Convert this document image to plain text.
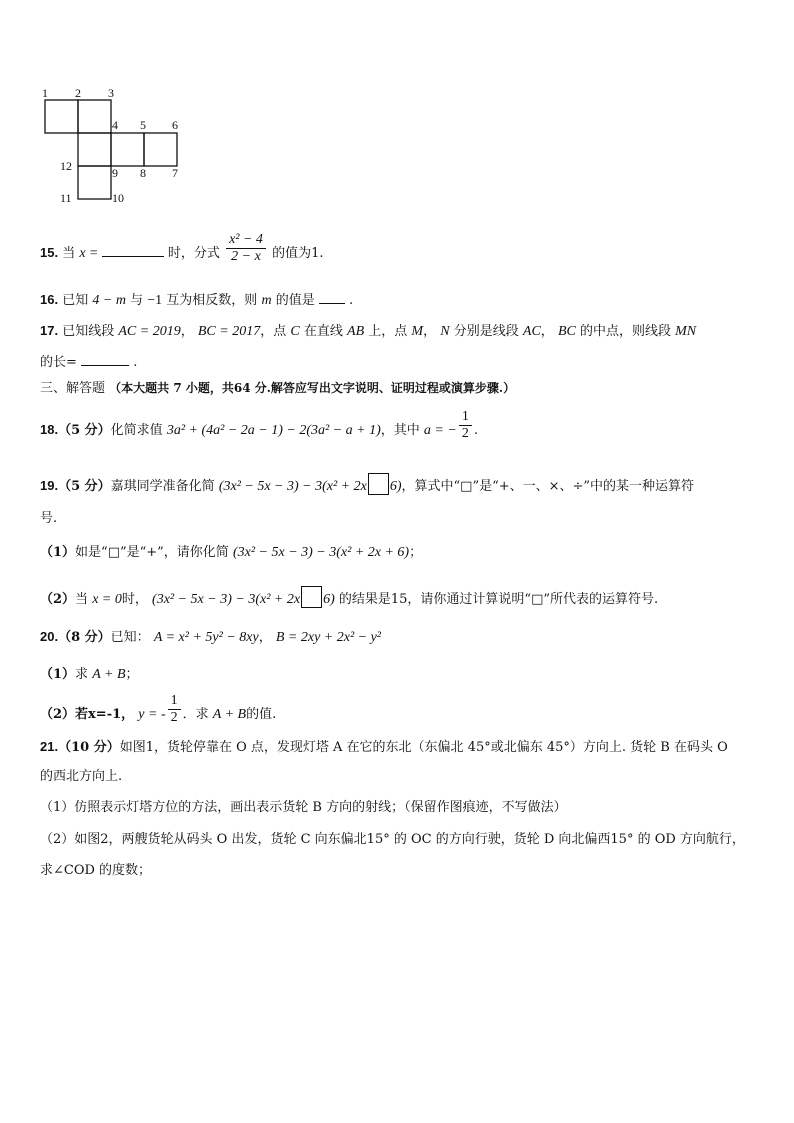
1 2 3
4 5 6
12	9 8 7
11	10
15. 当 x =	时，分式 $\frac{\text{x² − 4}}{2 - x}$ 的值为1.
16. 已知 4 − m 与 −1 互为相反数，则 m 的值是	.
17. 已知线段 AC = 2019， BC = 2017，点 C 在直线 AB 上，点 M， N 分别是线段 AC， BC 的中点，则线段 MN
的长=	.
三、解答题 （本大题共 7 小题，共64 分.解答应写出文字说明、证明过程或演算步骤.）
18.（5 分）化简求值 3a² + (4a² − 2a − 1) − 2(3a² − a + 1)，其中 a = − $\frac{1}{2}$ .
19.（5 分）嘉琪同学准备化简 (3x² − 5x − 3) − 3(x² + 2x 6)，算式中“□”是“+、一、×、÷”中的某一种运算符
号.
（1）如是“□”是“+”，请你化简 (3x² − 5x − 3) − 3(x² + 2x + 6)；
（2）当 x = 0时， (3x² − 5x − 3) − 3(x² + 2x 6) 的结果是15，请你通过计算说明“□”所代表的运算符号.
20.（8 分）已知： A = x² + 5y² − 8xy， B = 2xy + 2x² − y²
（1）求 A + B；
（2）若x=-1， y = - $\frac{1}{2}$ ．求 A + B的值.
21.（10 分）如图1，货轮停靠在 O 点，发现灯塔 A 在它的东北（东偏北 45°或北偏东 45°）方向上. 货轮 B 在码头 O
的西北方向上.
（1）仿照表示灯塔方位的方法，画出表示货轮 B 方向的射线；（保留作图痕迹，不写做法）
（2）如图2，两艘货轮从码头 O 出发，货轮 C 向东偏北15° 的 OC 的方向行驶，货轮 D 向北偏西15° 的 OD 方向航行，
求∠COD 的度数；
